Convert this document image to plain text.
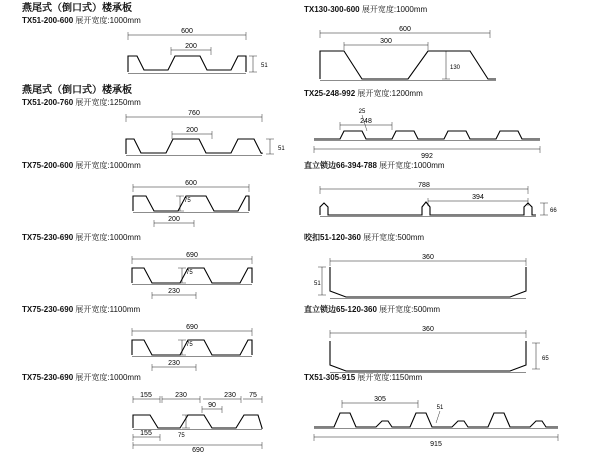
燕尾式（倒口式）楼承板
TX51-200-600 展开宽度:1000mm
600
200
51
燕尾式（倒口式）楼承板
TX51-200-760 展开宽度:1250mm
760
200
51
TX75-200-600 展开宽度:1000mm
600
75
200
TX75-230-690 展开宽度:1000mm
690
75
230
TX75-230-690 展开宽度:1100mm
690
75
230
TX75-230-690 展开宽度:1000mm
155	230
90
230 75
155	75
690
TX130-300-600 展开宽度:1000mm
600
300
130
TX25-248-992 展开宽度:1200mm
248
25
992
直立锁边66-394-788 展开宽度:1000mm
788
394
66
咬扣51-120-360 展开宽度:500mm
360
51
直立锁边65-120-360 展开宽度:500mm
360
65
TX51-305-915 展开宽度:1150mm
305
51
915
